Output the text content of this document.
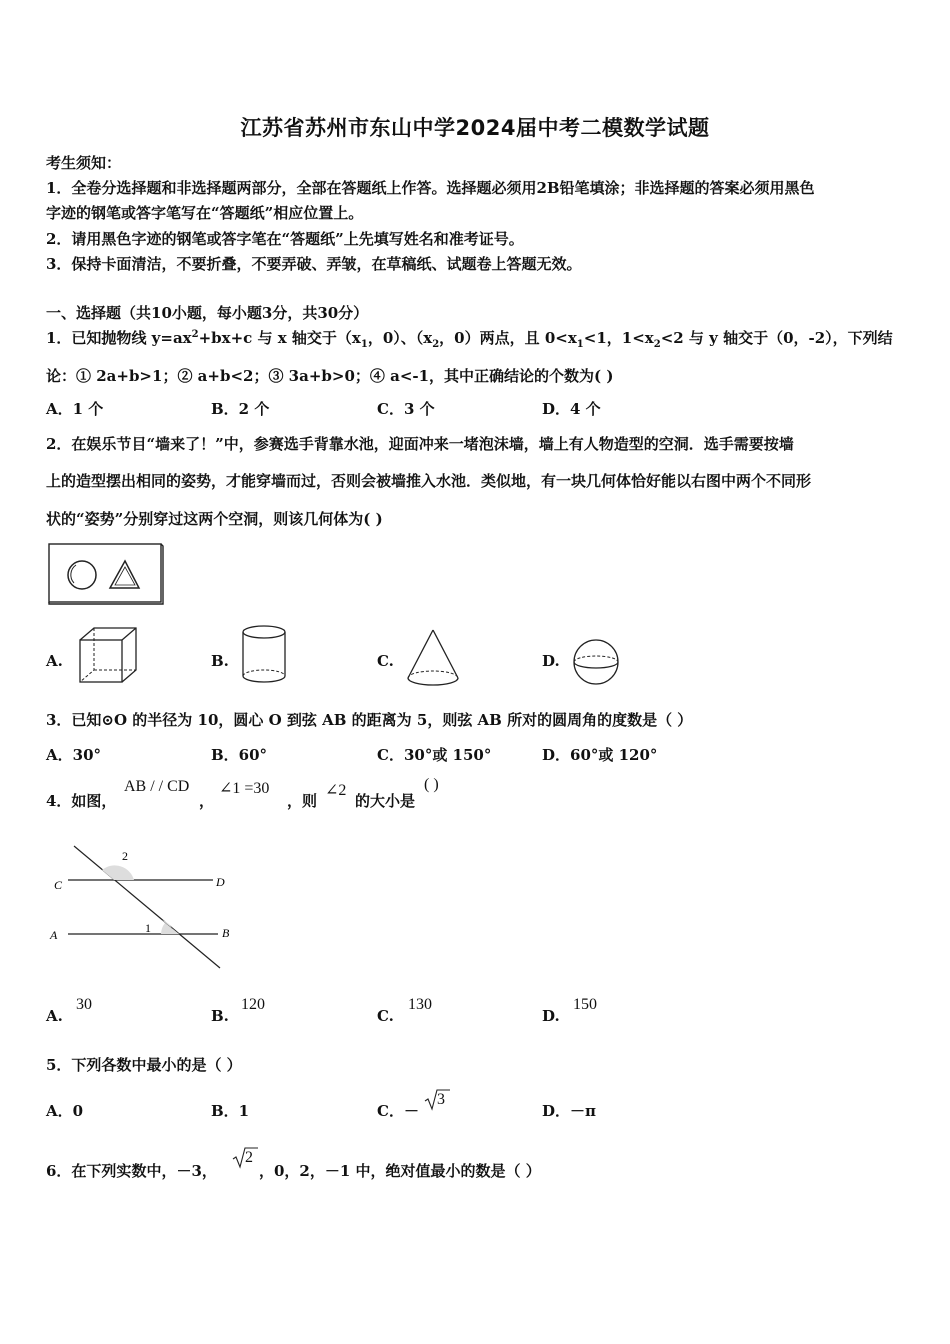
江苏省苏州市东山中学2024届中考二模数学试题
考生须知：
1．全卷分选择题和非选择题两部分，全部在答题纸上作答。选择题必须用2B铅笔填涂；非选择题的答案必须用黑色
字迹的钢笔或答字笔写在“答题纸”相应位置上。
2．请用黑色字迹的钢笔或答字笔在“答题纸”上先填写姓名和准考证号。
3．保持卡面清洁，不要折叠，不要弄破、弄皱，在草稿纸、试题卷上答题无效。
一、选择题（共10小题，每小题3分，共30分）
1．已知抛物线 $y=ax^2+bx+c$ 与 x 轴交于（$x_1$，0）、（$x_2$，0）两点，且 $0<x_1<1$，$1<x_2<2$ 与 y 轴交于（0，-2），下列结
论：① 2a+b>1；② a+b<2；③ 3a+b>0；④ a<-1，其中正确结论的个数为( )
A．1 个	B．2 个	C．3 个	D．4 个
2．在娱乐节目“墙来了！”中，参赛选手背靠水池，迎面冲来一堵泡沫墙，墙上有人物造型的空洞．选手需要按墙
上的造型摆出相同的姿势，才能穿墙而过，否则会被墙推入水池．类似地，有一块几何体恰好能以右图中两个不同形
状的“姿势”分别穿过这两个空洞，则该几何体为( )
A.	B.	C.	D.
3．已知⊙O 的半径为 10，圆心 O 到弦 AB 的距离为 5，则弦 AB 所对的圆周角的度数是（ ）
A．30°	B．60°	C．30°或 150°	D．60°或 120°
4．如图，
AB / / CD
，
∠1 =30
，则
∠2
的大小是
( )
C	D
A	B
1
2
A.
30
B.
120
C.
130
D.
150
5．下列各数中最小的是（ ）
A．0	B．1	C．－
3
D．－π
6．在下列实数中，－3，
2
，0，2，－1 中，绝对值最小的数是（ ）
